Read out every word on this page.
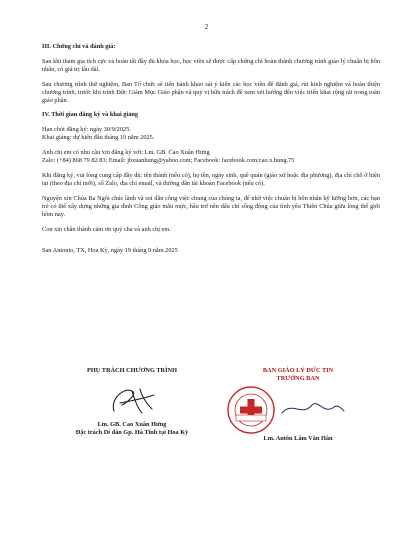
2
III. Chứng chỉ và đánh giá:
Sau khi tham gia tích cực và hoàn tất đầy đủ khóa học, học viên sẽ được cấp chứng chỉ hoàn thành chương trình giáo lý chuẩn bị hôn nhân, có giá trị lâu dài.
Sau chương trình thử nghiệm, Ban Tổ chức sẽ tiến hành khảo sát ý kiến các học viên để đánh giá, rút kinh nghiệm và hoàn thiện chương trình, trước khi trình Đức Giám Mục Giáo phận và quý vị hữu trách để xem xét hướng đến việc triển khai rộng rãi trong toàn giáo phận.
IV. Thời gian đăng ký và khai giảng
Hạn chót đăng ký: ngày 30/9/2025.
Khai giảng: dự kiến đầu tháng 10 năm 2025.
Anh chị em có nhu cầu xin đăng ký với: Lm. GB. Cao Xuân Hưng
Zalo: (+84) 868 79 82 83; Email: jbxuanhung@yahoo.com; Facebook: facebook.com/cao.x.hung.75
Khi đăng ký, vui lòng cung cấp đầy đủ: tên thánh (nếu có), họ tên, ngày sinh, quê quán (giáo xứ hoặc địa phương), địa chỉ chỗ ở hiện tại (theo địa chỉ mới), số Zalo, địa chỉ email, và đường dẫn tài khoản Facebook (nếu có).
Nguyện xin Chúa Ba Ngôi chúc lành và soi dẫn công việc chung của chúng ta, để nhờ việc chuẩn bị hôn nhân kỹ lưỡng hơn, các bạn trẻ có thể xây dựng những gia đình Công giáo mẫu mực, hầu trở nên dấu chỉ sống động của tình yêu Thiên Chúa giữa lòng thế giới hôm nay.
Con xin chân thành cám ơn quý cha và anh chị em.
San Antonio, TX, Hoa Kỳ, ngày 19 tháng 9 năm 2025
PHỤ TRÁCH CHƯƠNG TRÌNH
Lm. GB. Cao Xuân Hưng
Đặc trách Di dân Gp. Hà Tĩnh tại Hoa Kỳ
BAN GIÁO LÝ ĐỨC TIN
TRƯỞNG BAN
Lm. Antôn Lâm Văn Hân
